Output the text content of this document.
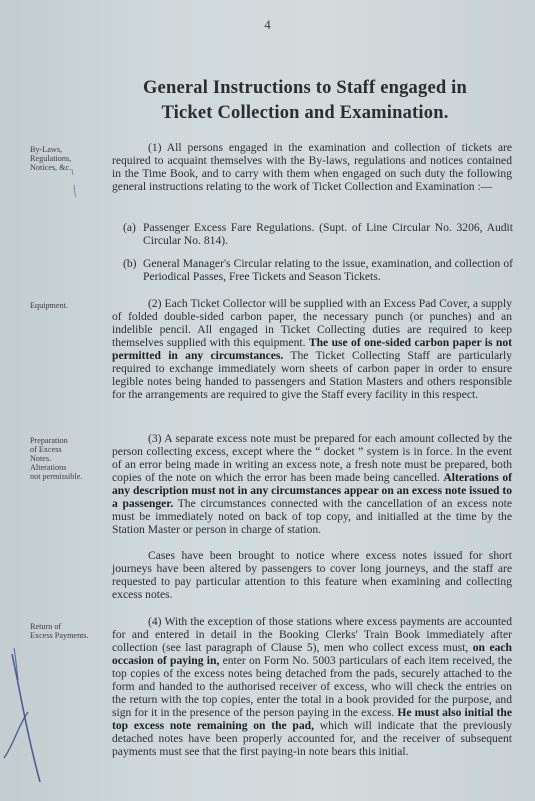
4
General Instructions to Staff engaged in
Ticket Collection and Examination.
By-Laws,
Regulations,
Notices, &c.
Equipment.
Preparation
of Excess
Notes.
Alterations
not permissible.
Return of
Excess Payments.
(1) All persons engaged in the examination and collection of tickets are required to acquaint themselves with the By-laws, regulations and notices contained in the Time Book, and to carry with them when engaged on such duty the following general instructions relating to the work of Ticket Collection and Examination :—
(a) Passenger Excess Fare Regulations. (Supt. of Line Circular No. 3206, Audit Circular No. 814).
(b) General Manager's Circular relating to the issue, examination, and collection of Periodical Passes, Free Tickets and Season Tickets.
(2) Each Ticket Collector will be supplied with an Excess Pad Cover, a supply of folded double-sided carbon paper, the necessary punch (or punches) and an indelible pencil. All engaged in Ticket Collecting duties are required to keep themselves supplied with this equipment. The use of one-sided carbon paper is not permitted in any circumstances. The Ticket Collecting Staff are particularly required to exchange immediately worn sheets of carbon paper in order to ensure legible notes being handed to passengers and Station Masters and others responsible for the arrangements are required to give the Staff every facility in this respect.
(3) A separate excess note must be prepared for each amount collected by the person collecting excess, except where the “ docket ” system is in force. In the event of an error being made in writing an excess note, a fresh note must be prepared, both copies of the note on which the error has been made being cancelled. Alterations of any description must not in any circumstances appear on an excess note issued to a passenger. The circumstances connected with the cancellation of an excess note must be immediately noted on back of top copy, and initialled at the time by the Station Master or person in charge of station.
Cases have been brought to notice where excess notes issued for short journeys have been altered by passengers to cover long journeys, and the staff are requested to pay particular attention to this feature when examining and collecting excess notes.
(4) With the exception of those stations where excess payments are accounted for and entered in detail in the Booking Clerks' Train Book immediately after collection (see last paragraph of Clause 5), men who collect excess must, on each occasion of paying in, enter on Form No. 5003 particulars of each item received, the top copies of the excess notes being detached from the pads, securely attached to the form and handed to the authorised receiver of excess, who will check the entries on the return with the top copies, enter the total in a book provided for the purpose, and sign for it in the presence of the person paying in the excess. He must also initial the top excess note remaining on the pad, which will indicate that the previously detached notes have been properly accounted for, and the receiver of subsequent payments must see that the first paying-in note bears this initial.
